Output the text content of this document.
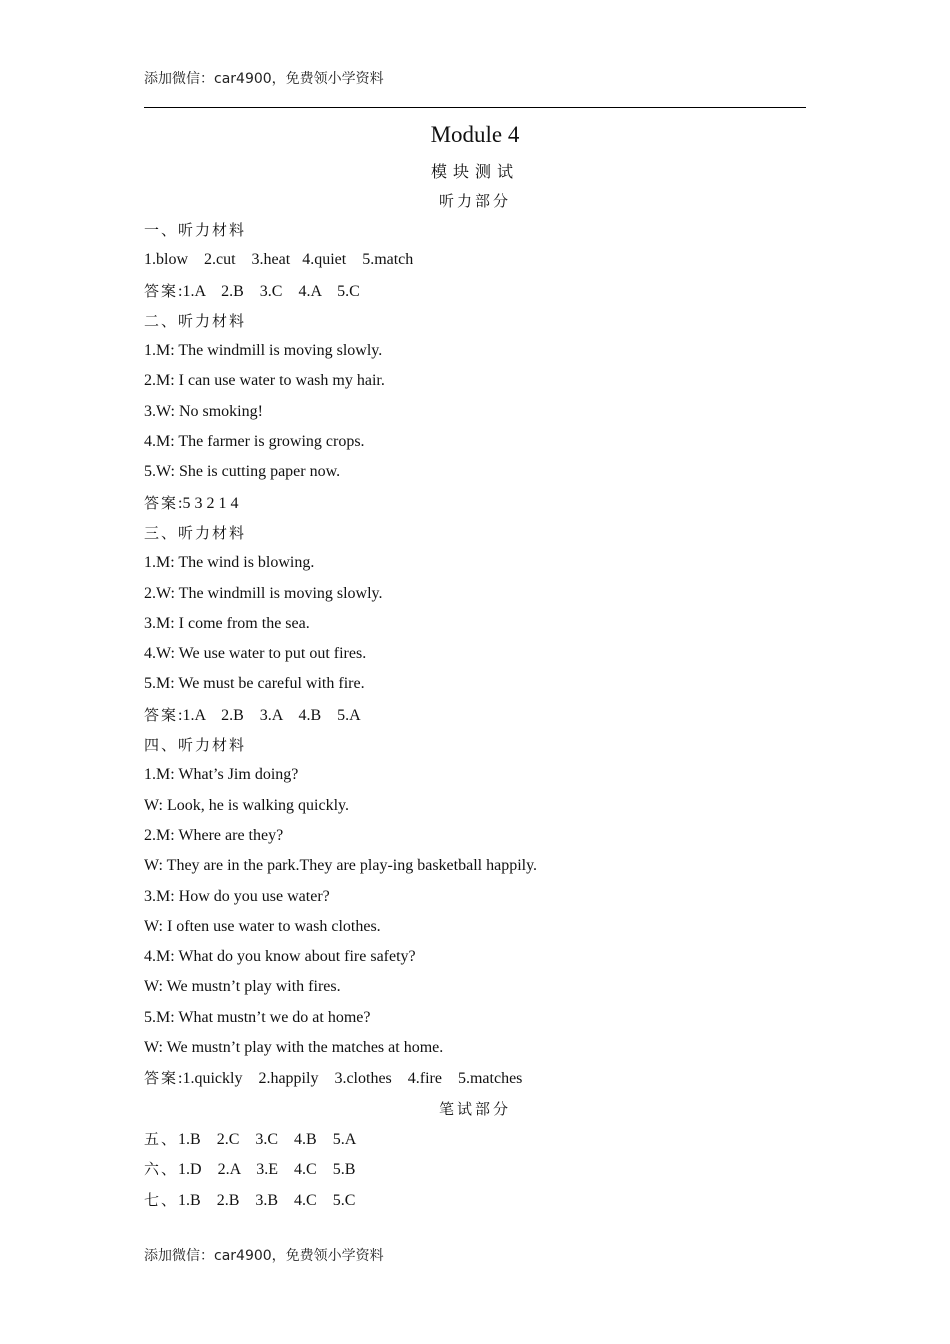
添加微信：car4900，免费领小学资料
Module 4
模块测试
听力部分
一、听力材料
1.blow    2.cut    3.heat   4.quiet    5.match
答案:1.A    2.B    3.C    4.A    5.C
二、听力材料
1.M: The windmill is moving slowly.
2.M: I can use water to wash my hair.
3.W: No smoking!
4.M: The farmer is growing crops.
5.W: She is cutting paper now.
答案:5 3 2 1 4
三、听力材料
1.M: The wind is blowing.
2.W: The windmill is moving slowly.
3.M: I come from the sea.
4.W: We use water to put out fires.
5.M: We must be careful with fire.
答案:1.A    2.B    3.A    4.B    5.A
四、听力材料
1.M: What’s Jim doing?
W: Look, he is walking quickly.
2.M: Where are they?
W: They are in the park.They are play-ing basketball happily.
3.M: How do you use water?
W: I often use water to wash clothes.
4.M: What do you know about fire safety?
W: We mustn’t play with fires.
5.M: What mustn’t we do at home?
W: We mustn’t play with the matches at home.
答案:1.quickly    2.happily    3.clothes    4.fire    5.matches
笔试部分
五、1.B    2.C    3.C    4.B    5.A
六、1.D    2.A    3.E    4.C    5.B
七、1.B    2.B    3.B    4.C    5.C
添加微信：car4900，免费领小学资料
